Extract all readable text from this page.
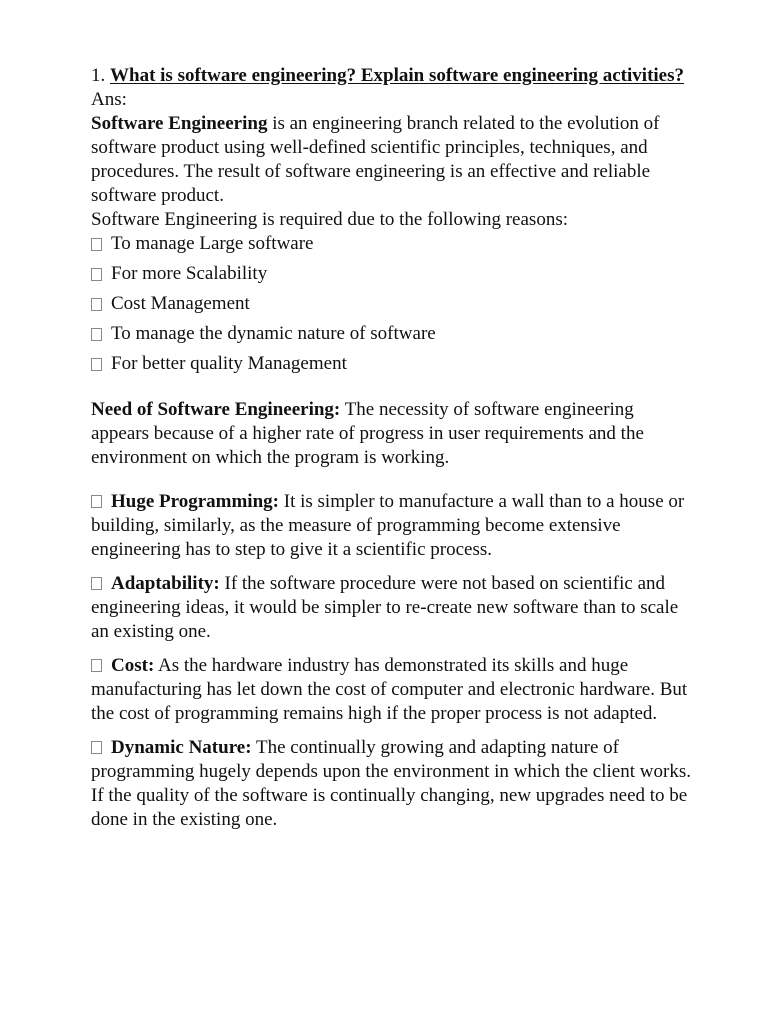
1. What is software engineering? Explain software engineering activities?

Ans:

Software Engineering is an engineering branch related to the evolution of software product using well-defined scientific principles, techniques, and procedures. The result of software engineering is an effective and reliable software product.

Software Engineering is required due to the following reasons:

To manage Large software
For more Scalability
Cost Management
To manage the dynamic nature of software
For better quality Management

Need of Software Engineering: The necessity of software engineering appears because of a higher rate of progress in user requirements and the environment on which the program is working.

Huge Programming: It is simpler to manufacture a wall than to a house or building, similarly, as the measure of programming become extensive engineering has to step to give it a scientific process.

Adaptability: If the software procedure were not based on scientific and engineering ideas, it would be simpler to re-create new software than to scale an existing one.

Cost: As the hardware industry has demonstrated its skills and huge manufacturing has let down the cost of computer and electronic hardware. But the cost of programming remains high if the proper process is not adapted.

Dynamic Nature: The continually growing and adapting nature of programming hugely depends upon the environment in which the client works. If the quality of the software is continually changing, new upgrades need to be done in the existing one.
